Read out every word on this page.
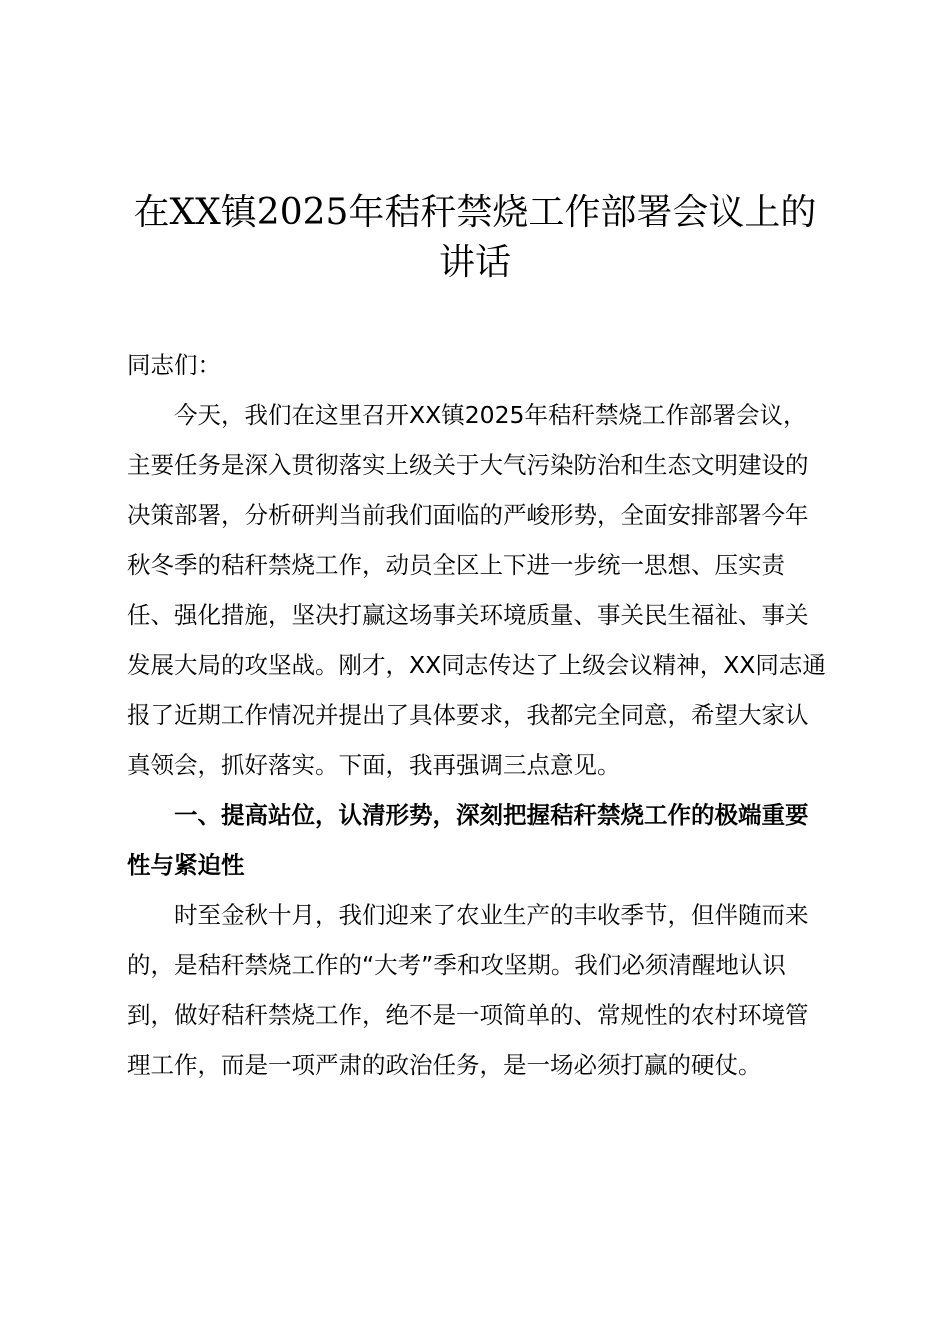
在XX镇2025年秸秆禁烧工作部署会议上的讲话

同志们：

今天，我们在这里召开XX镇2025年秸秆禁烧工作部署会议，主要任务是深入贯彻落实上级关于大气污染防治和生态文明建设的决策部署，分析研判当前我们面临的严峻形势，全面安排部署今年秋冬季的秸秆禁烧工作，动员全区上下进一步统一思想、压实责任、强化措施，坚决打赢这场事关环境质量、事关民生福祉、事关发展大局的攻坚战。刚才，XX同志传达了上级会议精神，XX同志通报了近期工作情况并提出了具体要求，我都完全同意，希望大家认真领会，抓好落实。下面，我再强调三点意见。

一、提高站位，认清形势，深刻把握秸秆禁烧工作的极端重要性与紧迫性

时至金秋十月，我们迎来了农业生产的丰收季节，但伴随而来的，是秸秆禁烧工作的“大考”季和攻坚期。我们必须清醒地认识到，做好秸秆禁烧工作，绝不是一项简单的、常规性的农村环境管理工作，而是一项严肃的政治任务，是一场必须打赢的硬仗。
